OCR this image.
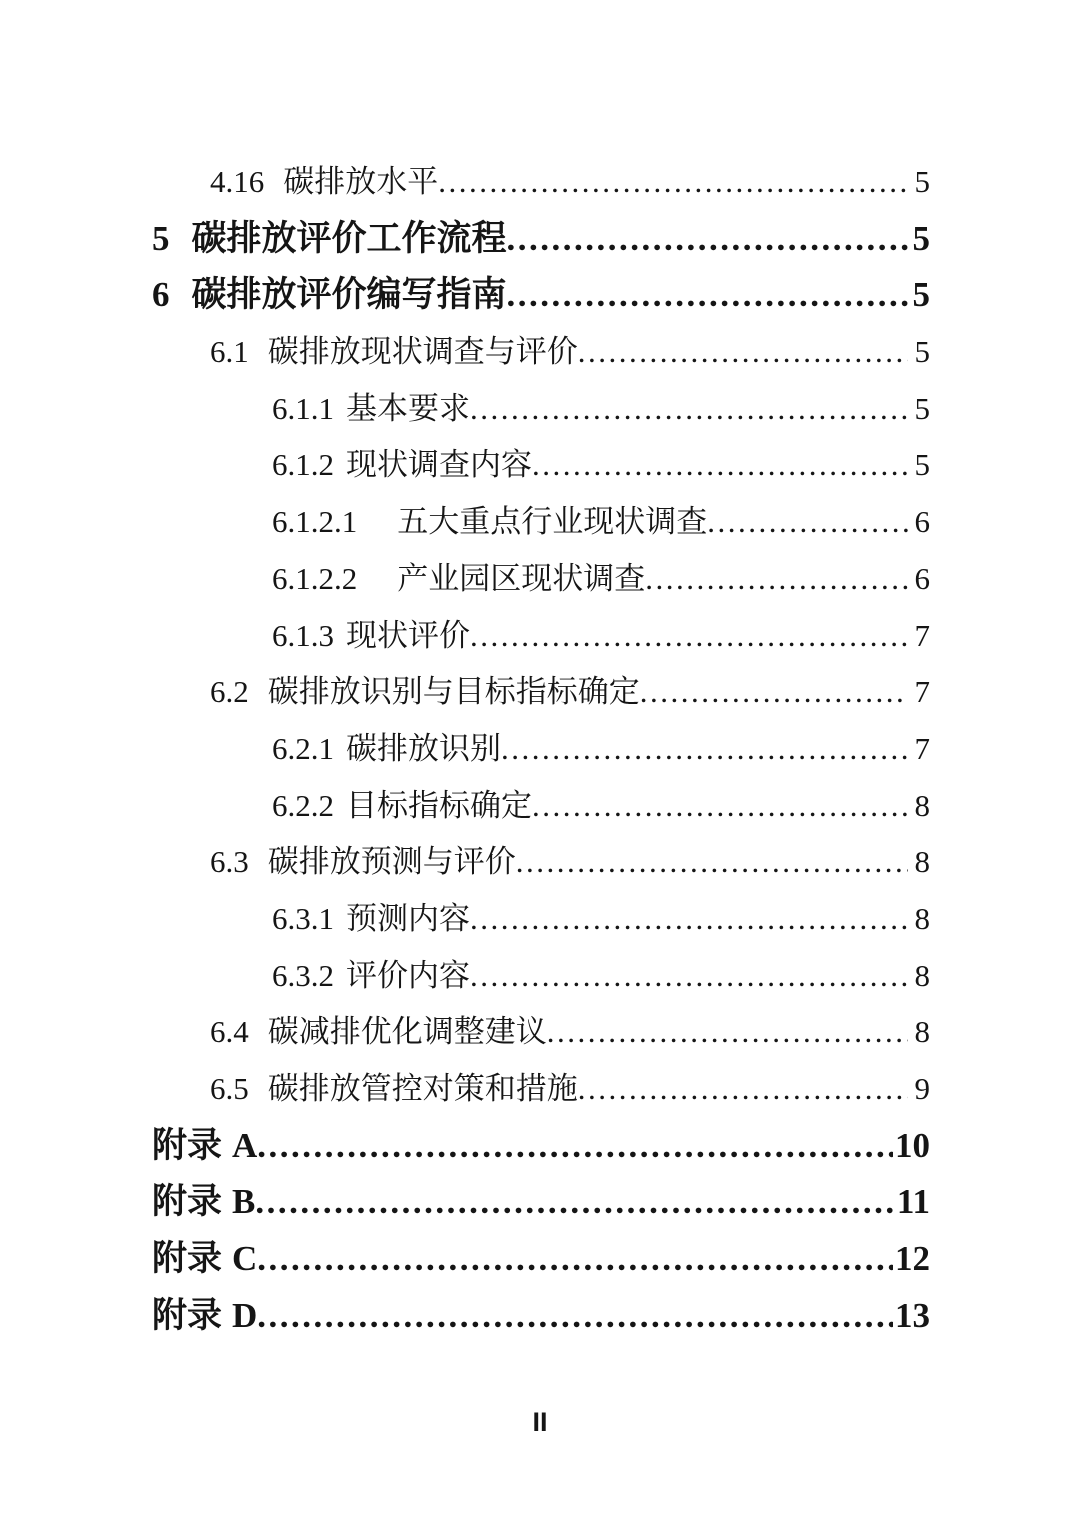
4.16 碳排放水平 .....	5
5 碳排放评价工作流程 .....	5
6 碳排放评价编写指南 .....	5
6.1 碳排放现状调查与评价 .....	5
6.1.1 基本要求 .....	5
6.1.2 现状调查内容 .....	5
6.1.2.1 五大重点行业现状调查 .....	6
6.1.2.2 产业园区现状调查 .....	6
6.1.3 现状评价 .....	7
6.2 碳排放识别与目标指标确定 .....	7
6.2.1 碳排放识别 .....	7
6.2.2 目标指标确定 .....	8
6.3 碳排放预测与评价 .....	8
6.3.1 预测内容 .....	8
6.3.2 评价内容 .....	8
6.4 碳减排优化调整建议 .....	8
6.5 碳排放管控对策和措施 .....	9
附录 A .....	10
附录 B .....	11
附录 C .....	12
附录 D .....	13
II
